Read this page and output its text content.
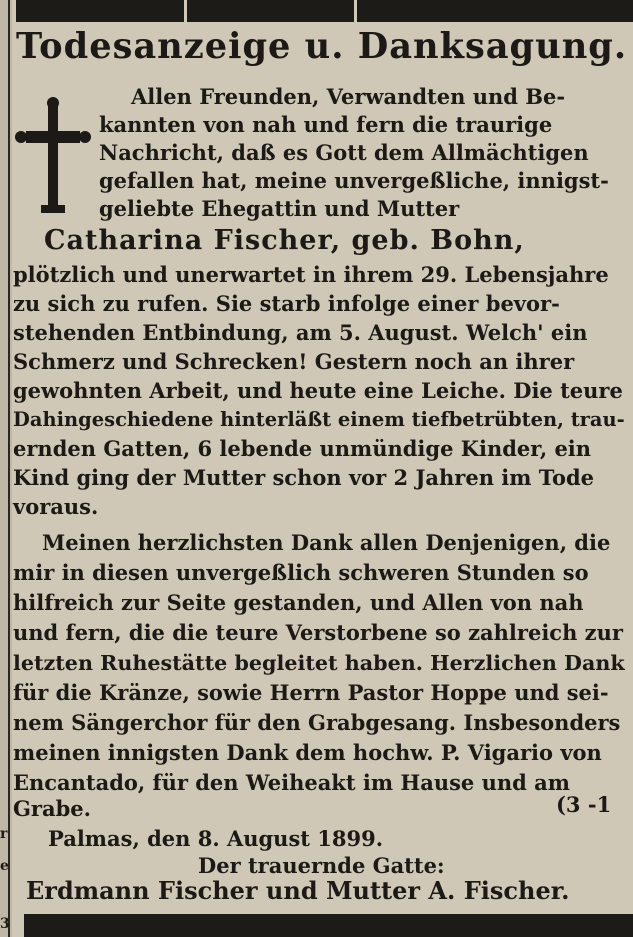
r
e
3
Todesanzeige u. Danksagung.
Allen Freunden, Verwandten und Be-
kannten von nah und fern die traurige
Nachricht, daß es Gott dem Allmächtigen
gefallen hat, meine unvergeßliche, innigst-
geliebte Ehegattin und Mutter
Catharina Fischer, geb. Bohn,
plötzlich und unerwartet in ihrem 29. Lebensjahre
zu sich zu rufen. Sie starb infolge einer bevor-
stehenden Entbindung, am 5. August. Welch' ein
Schmerz und Schrecken! Gestern noch an ihrer
gewohnten Arbeit, und heute eine Leiche. Die teure
Dahingeschiedene hinterläßt einem tiefbetrübten, trau-
ernden Gatten, 6 lebende unmündige Kinder, ein
Kind ging der Mutter schon vor 2 Jahren im Tode
voraus.
Meinen herzlichsten Dank allen Denjenigen, die
mir in diesen unvergeßlich schweren Stunden so
hilfreich zur Seite gestanden, und Allen von nah
und fern, die die teure Verstorbene so zahlreich zur
letzten Ruhestätte begleitet haben. Herzlichen Dank
für die Kränze, sowie Herrn Pastor Hoppe und sei-
nem Sängerchor für den Grabgesang. Insbesonders
meinen innigsten Dank dem hochw. P. Vigario von
Encantado, für den Weiheakt im Hause und am
Grabe.	(3 -1
Palmas, den 8. August 1899.
Der trauernde Gatte:
Erdmann Fischer und Mutter A. Fischer.
